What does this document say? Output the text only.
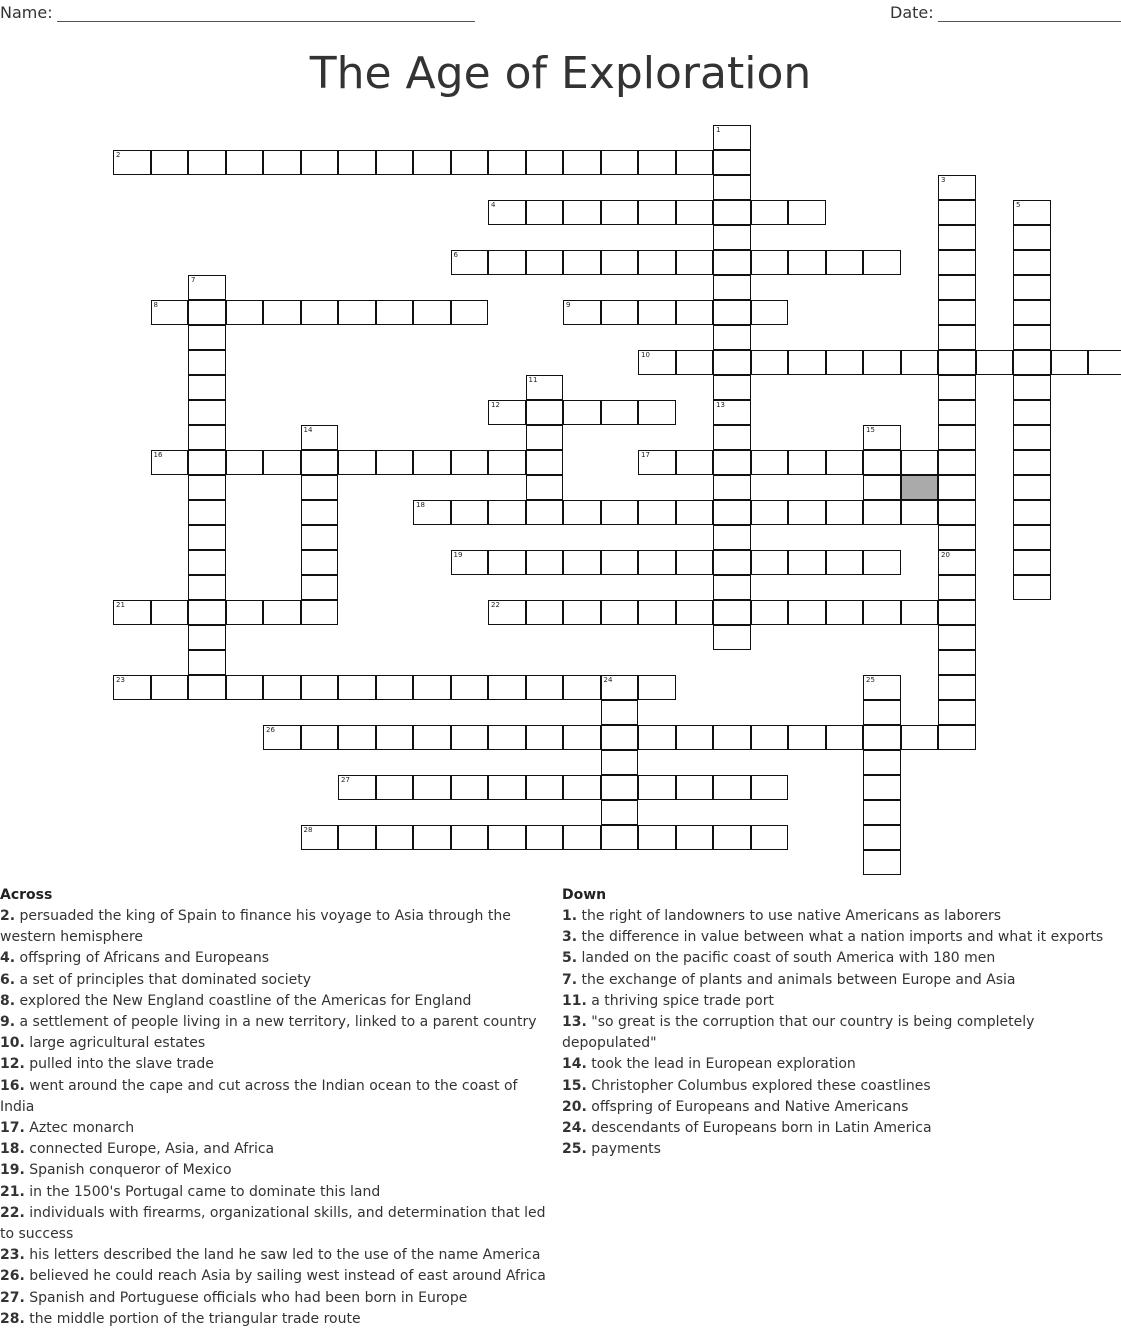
Name:	Date:
The Age of Exploration
2
4
6
8	9
10
12
16	17
18
19
21	22
23	24
26
27
28
1
13
3
20
5
7
11
14	15
25
Across
2. persuaded the king of Spain to finance his voyage to Asia through the western hemisphere
4. offspring of Africans and Europeans
6. a set of principles that dominated society
8. explored the New England coastline of the Americas for England
9. a settlement of people living in a new territory, linked to a parent country
10. large agricultural estates
12. pulled into the slave trade
16. went around the cape and cut across the Indian ocean to the coast of India
17. Aztec monarch
18. connected Europe, Asia, and Africa
19. Spanish conqueror of Mexico
21. in the 1500's Portugal came to dominate this land
22. individuals with firearms, organizational skills, and determination that led to success
23. his letters described the land he saw led to the use of the name America
26. believed he could reach Asia by sailing west instead of east around Africa
27. Spanish and Portuguese officials who had been born in Europe
28. the middle portion of the triangular trade route
Down
1. the right of landowners to use native Americans as laborers
3. the difference in value between what a nation imports and what it exports
5. landed on the pacific coast of south America with 180 men
7. the exchange of plants and animals between Europe and Asia
11. a thriving spice trade port
13. "so great is the corruption that our country is being completely depopulated"
14. took the lead in European exploration
15. Christopher Columbus explored these coastlines
20. offspring of Europeans and Native Americans
24. descendants of Europeans born in Latin America
25. payments
